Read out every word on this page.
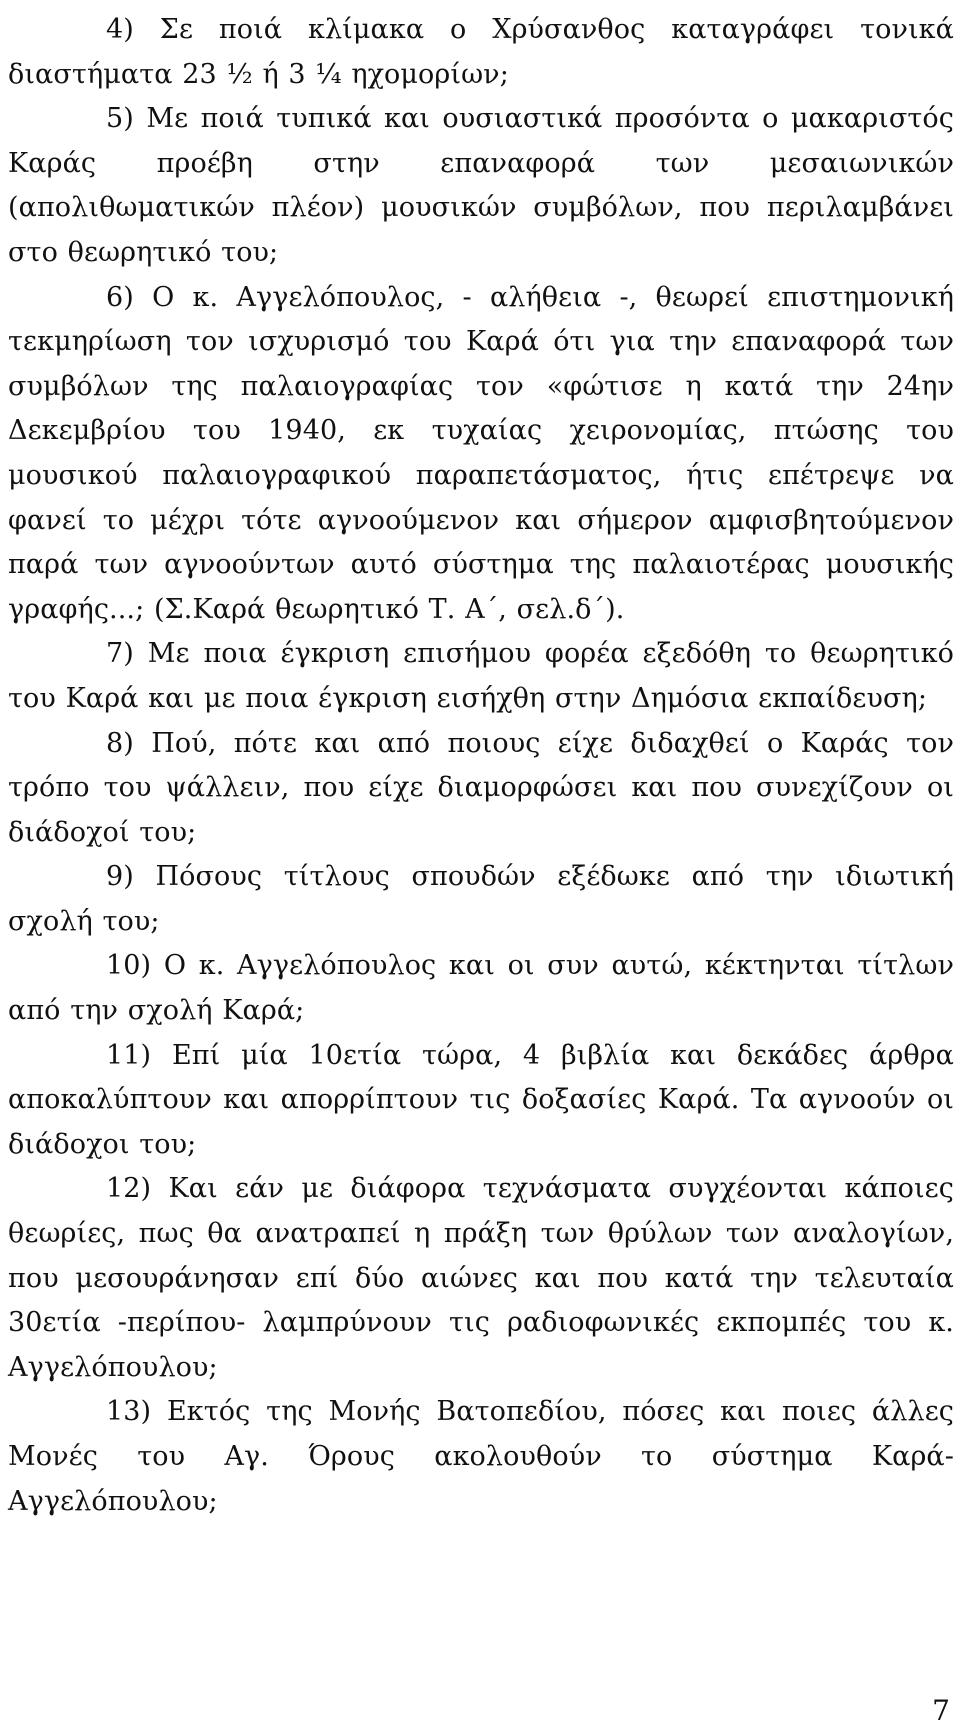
4) Σε ποιά κλίμακα ο Χρύσανθος καταγράφει τονικά διαστήματα 23 ½ ή 3 ¼ ηχομορίων;

5) Με ποιά τυπικά και ουσιαστικά προσόντα ο μακαριστός Καράς προέβη στην επαναφορά των μεσαιωνικών (απολιθωματικών πλέον) μουσικών συμβόλων, που περιλαμβάνει στο θεωρητικό του;

6) Ο κ. Αγγελόπουλος, - αλήθεια -, θεωρεί επιστημονική τεκμηρίωση τον ισχυρισμό του Καρά ότι για την επαναφορά των συμβόλων της παλαιογραφίας τον «φώτισε η κατά την 24ην Δεκεμβρίου του 1940, εκ τυχαίας χειρονομίας, πτώσης του μουσικού παλαιογραφικού παραπετάσματος, ήτις επέτρεψε να φανεί το μέχρι τότε αγνοούμενον και σήμερον αμφισβητούμενον παρά των αγνοούντων αυτό σύστημα της παλαιοτέρας μουσικής γραφής...; (Σ.Καρά θεωρητικό Τ. Α΄, σελ.δ΄).

7) Με ποια έγκριση επισήμου φορέα εξεδόθη το θεωρητικό του Καρά και με ποια έγκριση εισήχθη στην Δημόσια εκπαίδευση;

8) Πού, πότε και από ποιους είχε διδαχθεί ο Καράς τον τρόπο του ψάλλειν, που είχε διαμορφώσει και που συνεχίζουν οι διάδοχοί του;

9) Πόσους τίτλους σπουδών εξέδωκε από την ιδιωτική σχολή του;

10) Ο κ. Αγγελόπουλος και οι συν αυτώ, κέκτηνται τίτλων από την σχολή Καρά;

11) Επί μία 10ετία τώρα, 4 βιβλία και δεκάδες άρθρα αποκαλύπτουν και απορρίπτουν τις δοξασίες Καρά. Τα αγνοούν οι διάδοχοι του;

12) Και εάν με διάφορα τεχνάσματα συγχέονται κάποιες θεωρίες, πως θα ανατραπεί η πράξη των θρύλων των αναλογίων, που μεσουράνησαν επί δύο αιώνες και που κατά την τελευταία 30ετία -περίπου- λαμπρύνουν τις ραδιοφωνικές εκπομπές του κ. Αγγελόπουλου;

13) Εκτός της Μονής Βατοπεδίου, πόσες και ποιες άλλες Μονές του Αγ. Όρους ακολουθούν το σύστημα Καρά-Αγγελόπουλου;

7
